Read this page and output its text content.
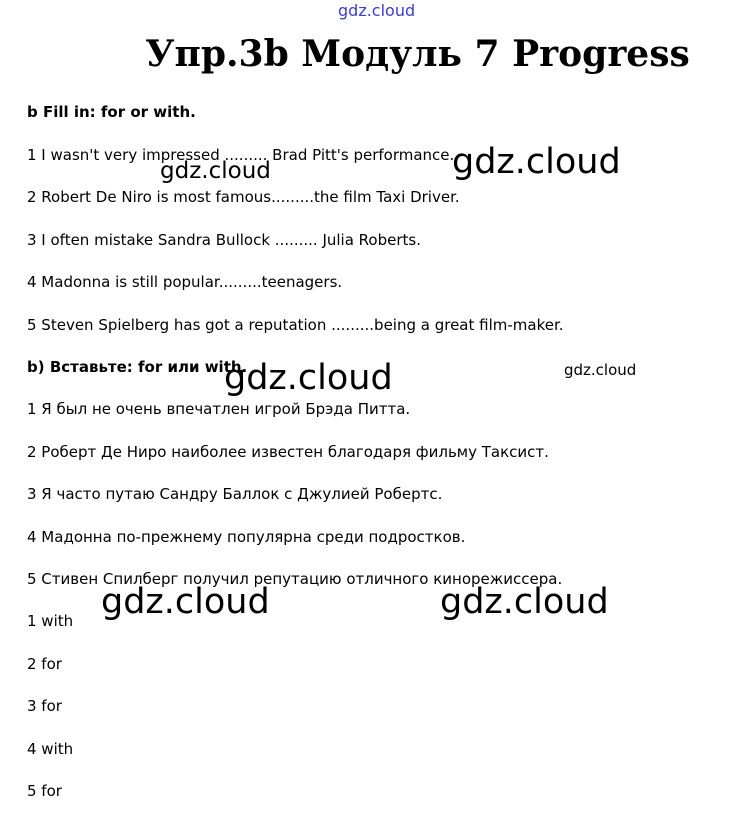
gdz.cloud
Упр.3b Модуль 7 Progress
b Fill in: for or with.
1 I wasn't very impressed ......... Brad Pitt's performance.
2 Robert De Niro is most famous.........the film Taxi Driver.
3 I often mistake Sandra Bullock ......... Julia Roberts.
4 Madonna is still popular.........teenagers.
5 Steven Spielberg has got a reputation .........being a great film-maker.
b) Вставьте: for или with.
1 Я был не очень впечатлен игрой Брэда Питта.
2 Роберт Де Ниро наиболее известен благодаря фильму Таксист.
3 Я часто путаю Сандру Баллок с Джулией Робертс.
4 Мадонна по-прежнему популярна среди подростков.
5 Стивен Спилберг получил репутацию отличного кинорежиссера.
1 with
2 for
3 for
4 with
5 for
gdz.cloud
gdz.cloud
gdz.cloud	gdz.cloud
gdz.cloud	gdz.cloud
